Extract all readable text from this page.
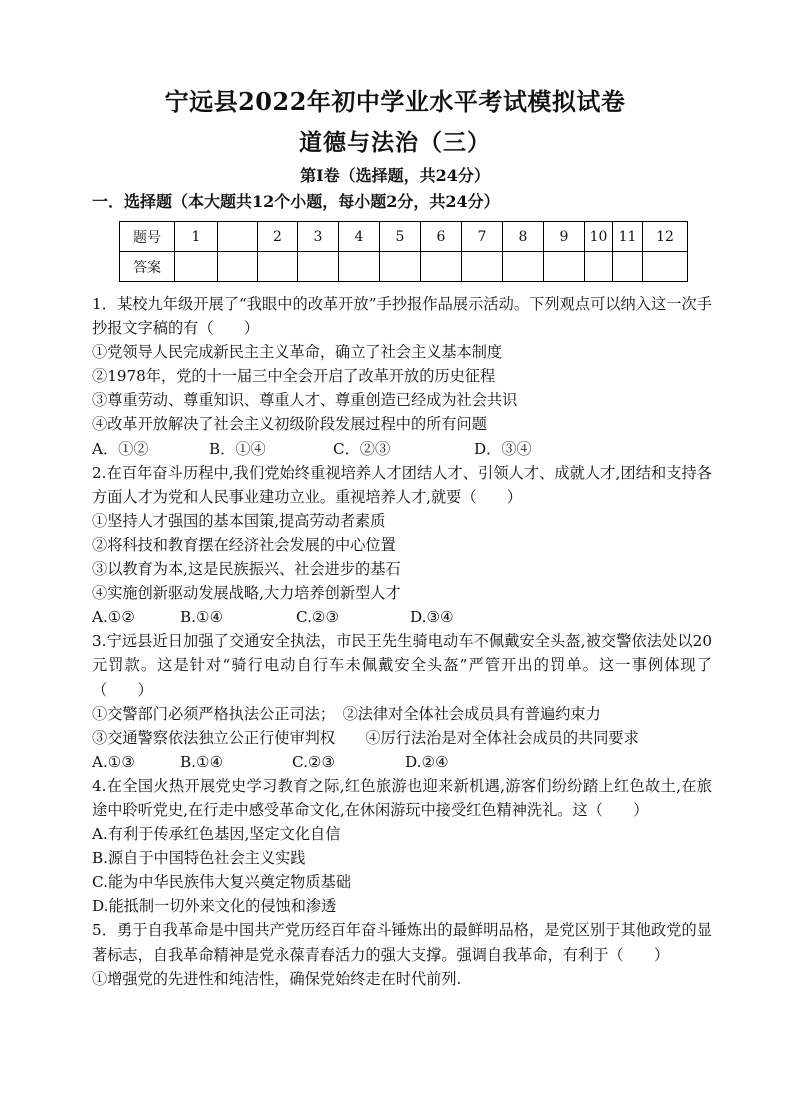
宁远县2022年初中学业水平考试模拟试卷
道德与法治（三）
第Ⅰ卷（选择题，共24分）
一．选择题（本大题共12个小题，每小题2分，共24分）
题号	1		2	3	4	5	6	7	8	9	10	11	12
答案													

1．某校九年级开展了“我眼中的改革开放”手抄报作品展示活动。下列观点可以纳入这一次手抄报文字稿的有（　　）

①党领导人民完成新民主主义革命，确立了社会主义基本制度

②1978年，党的十一届三中全会开启了改革开放的历史征程

③尊重劳动、尊重知识、尊重人才、尊重创造已经成为社会共识

④改革开放解决了社会主义初级阶段发展过程中的所有问题

A．①②	B．①④	C．②③	D．③④

2.在百年奋斗历程中,我们党始终重视培养人才团结人才、引领人才、成就人才,团结和支持各方面人才为党和人民事业建功立业。重视培养人才,就要（　　）

①坚持人才强国的基本国策,提高劳动者素质

②将科技和教育摆在经济社会发展的中心位置

③以教育为本,这是民族振兴、社会进步的基石

④实施创新驱动发展战略,大力培养创新型人才

A.①②	B.①④	C.②③	D.③④

3.宁远县近日加强了交通安全执法，市民王先生骑电动车不佩戴安全头盔,被交警依法处以20元罚款。这是针对“骑行电动自行车未佩戴安全头盔”严管开出的罚单。这一事例体现了（　　）

①交警部门必须严格执法公正司法；　②法律对全体社会成员具有普遍约束力

③交通警察依法独立公正行使审判权　　④厉行法治是对全体社会成员的共同要求

A.①③	B.①④	C.②③	D.②④

4.在全国火热开展党史学习教育之际,红色旅游也迎来新机遇,游客们纷纷踏上红色故土,在旅途中聆听党史,在行走中感受革命文化,在休闲游玩中接受红色精神洗礼。这（　　）

A.有利于传承红色基因,坚定文化自信

B.源自于中国特色社会主义实践

C.能为中华民族伟大复兴奠定物质基础

D.能抵制一切外来文化的侵蚀和渗透

5．勇于自我革命是中国共产党历经百年奋斗锤炼出的最鲜明品格，是党区别于其他政党的显著标志，自我革命精神是党永葆青春活力的强大支撑。强调自我革命，有利于（　　）

①增强党的先进性和纯洁性，确保党始终走在时代前列.
